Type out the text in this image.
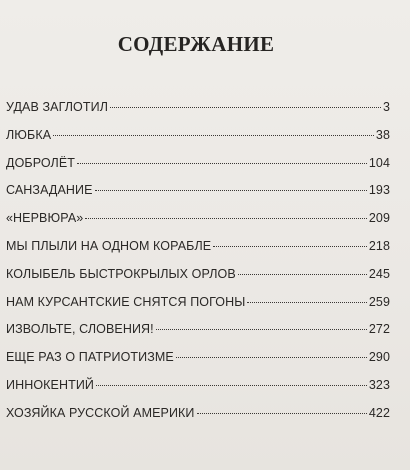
СОДЕРЖАНИЕ
УДАВ ЗАГЛОТИЛ	3
ЛЮБКА	38
ДОБРОЛЁТ	104
САНЗАДАНИЕ	193
«НЕРВЮРА»	209
МЫ ПЛЫЛИ НА ОДНОМ КОРАБЛЕ	218
КОЛЫБЕЛЬ БЫСТРОКРЫЛЫХ ОРЛОВ	245
НАМ КУРСАНТСКИЕ СНЯТСЯ ПОГОНЫ	259
ИЗВОЛЬТЕ, СЛОВЕНИЯ!	272
ЕЩЕ РАЗ О ПАТРИОТИЗМЕ	290
ИННОКЕНТИЙ	323
ХОЗЯЙКА РУССКОЙ АМЕРИКИ	422
